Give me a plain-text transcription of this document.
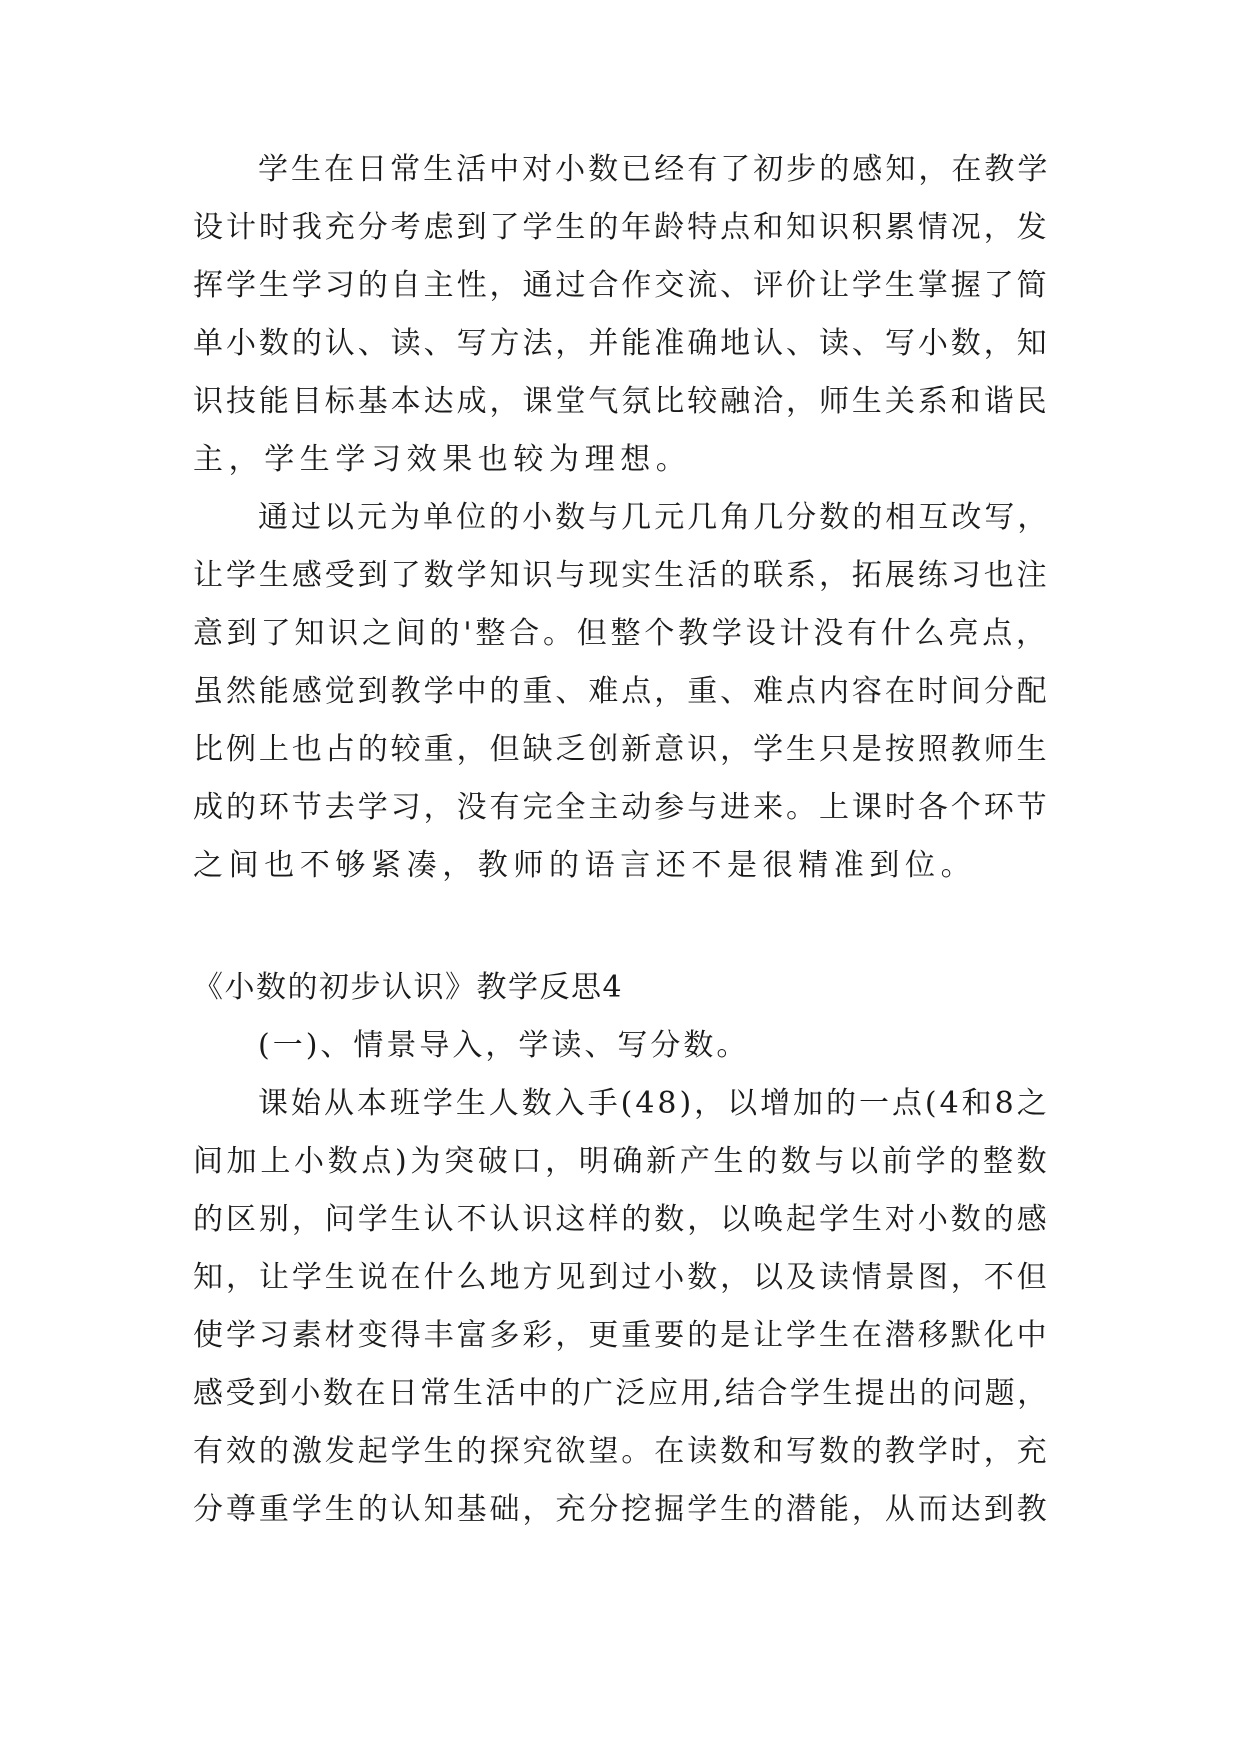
学生在日常生活中对小数已经有了初步的感知，在教学
设计时我充分考虑到了学生的年龄特点和知识积累情况，发
挥学生学习的自主性，通过合作交流、评价让学生掌握了简
单小数的认、读、写方法，并能准确地认、读、写小数，知
识技能目标基本达成，课堂气氛比较融洽，师生关系和谐民
主，学生学习效果也较为理想。
通过以元为单位的小数与几元几角几分数的相互改写，
让学生感受到了数学知识与现实生活的联系，拓展练习也注
意到了知识之间的'整合。但整个教学设计没有什么亮点，
虽然能感觉到教学中的重、难点，重、难点内容在时间分配
比例上也占的较重，但缺乏创新意识，学生只是按照教师生
成的环节去学习，没有完全主动参与进来。上课时各个环节
之间也不够紧凑，教师的语言还不是很精准到位。
《小数的初步认识》教学反思4
(一)、情景导入，学读、写分数。
课始从本班学生人数入手(48)，以增加的一点(4和8之
间加上小数点)为突破口，明确新产生的数与以前学的整数
的区别，问学生认不认识这样的数，以唤起学生对小数的感
知，让学生说在什么地方见到过小数，以及读情景图，不但
使学习素材变得丰富多彩，更重要的是让学生在潜移默化中
感受到小数在日常生活中的广泛应用,结合学生提出的问题，
有效的激发起学生的探究欲望。在读数和写数的教学时，充
分尊重学生的认知基础，充分挖掘学生的潜能，从而达到教
